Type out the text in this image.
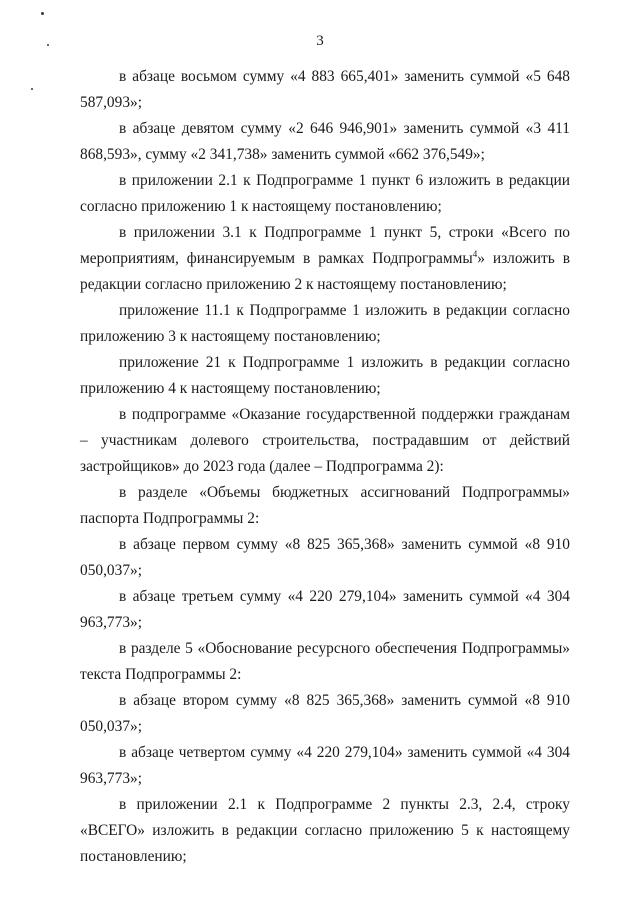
3

в абзаце восьмом сумму «4 883 665,401» заменить суммой «5 648 587,093»;

в абзаце девятом сумму «2 646 946,901» заменить суммой «3 411 868,593», сумму «2 341,738» заменить суммой «662 376,549»;

в приложении 2.1 к Подпрограмме 1 пункт 6 изложить в редакции согласно приложению 1 к настоящему постановлению;

в приложении 3.1 к Подпрограмме 1 пункт 5, строки «Всего по мероприятиям, финансируемым в рамках Подпрограммы$^4$» изложить в редакции согласно приложению 2 к настоящему постановлению;

приложение 11.1 к Подпрограмме 1 изложить в редакции согласно приложению 3 к настоящему постановлению;

приложение 21 к Подпрограмме 1 изложить в редакции согласно приложению 4 к настоящему постановлению;

в подпрограмме «Оказание государственной поддержки гражданам – участникам долевого строительства, пострадавшим от действий застройщиков» до 2023 года (далее – Подпрограмма 2):

в разделе «Объемы бюджетных ассигнований Подпрограммы» паспорта Подпрограммы 2:

в абзаце первом сумму «8 825 365,368» заменить суммой «8 910 050,037»;

в абзаце третьем сумму «4 220 279,104» заменить суммой «4 304 963,773»;

в разделе 5 «Обоснование ресурсного обеспечения Подпрограммы» текста Подпрограммы 2:

в абзаце втором сумму «8 825 365,368» заменить суммой «8 910 050,037»;

в абзаце четвертом сумму «4 220 279,104» заменить суммой «4 304 963,773»;

в приложении 2.1 к Подпрограмме 2 пункты 2.3, 2.4, строку «ВСЕГО» изложить в редакции согласно приложению 5 к настоящему постановлению;
